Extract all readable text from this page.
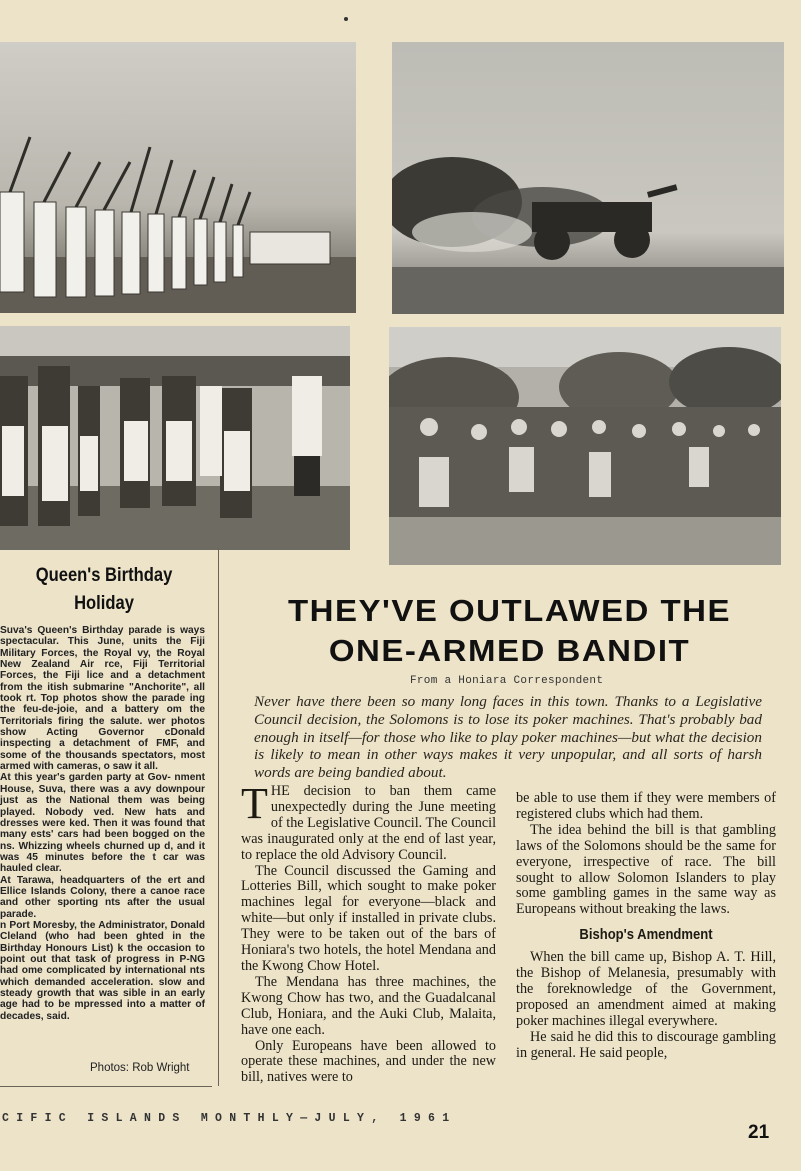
Queen's Birthday
Holiday

Suva's Queen's Birthday parade is ways spectacular. This June, units the Fiji Military Forces, the Royal vy, the Royal New Zealand Air rce, Fiji Territorial Forces, the Fiji lice and a detachment from the itish submarine "Anchorite", all took rt. Top photos show the parade ing the feu-de-joie, and a battery om the Territorials firing the salute. wer photos show Acting Governor cDonald inspecting a detachment of FMF, and some of the thousands spectators, most armed with cameras, o saw it all.

At this year's garden party at Gov- nment House, Suva, there was a avy downpour just as the National them was being played. Nobody ved. New hats and dresses were ked. Then it was found that many ests' cars had been bogged on the ns. Whizzing wheels churned up d, and it was 45 minutes before the t car was hauled clear.

At Tarawa, headquarters of the ert and Ellice Islands Colony, there a canoe race and other sporting nts after the usual parade.

n Port Moresby, the Administrator, Donald Cleland (who had been ghted in the Birthday Honours List) k the occasion to point out that task of progress in P-NG had ome complicated by international nts which demanded acceleration. slow and steady growth that was sible in an early age had to be mpressed into a matter of decades, said.

Photos: Rob Wright
THEY'VE OUTLAWED THE
ONE-ARMED BANDIT
From a Honiara Correspondent
Never have there been so many long faces in this town. Thanks to a Legislative Council decision, the Solomons is to lose its poker machines. That's probably bad enough in itself—for those who like to play poker machines—but what the decision is likely to mean in other ways makes it very unpopular, and all sorts of harsh words are being bandied about.

THE decision to ban them came unexpectedly during the June meeting of the Legislative Council. The Council was inaugurated only at the end of last year, to replace the old Advisory Council.

The Council discussed the Gaming and Lotteries Bill, which sought to make poker machines legal for everyone—black and white—but only if installed in private clubs. They were to be taken out of the bars of Honiara's two hotels, the hotel Mendana and the Kwong Chow Hotel.

The Mendana has three machines, the Kwong Chow has two, and the Guadalcanal Club, Honiara, and the Auki Club, Malaita, have one each.

Only Europeans have been allowed to operate these machines, and under the new bill, natives were to

be able to use them if they were members of registered clubs which had them.

The idea behind the bill is that gambling laws of the Solomons should be the same for everyone, irrespective of race. The bill sought to allow Solomon Islanders to play some gambling games in the same way as Europeans without breaking the laws.

Bishop's Amendment

When the bill came up, Bishop A. T. Hill, the Bishop of Melanesia, presumably with the foreknowledge of the Government, proposed an amendment aimed at making poker machines illegal everywhere.

He said he did this to discourage gambling in general. He said people,

CIFIC ISLANDS MONTHLY—JULY, 1961
21
